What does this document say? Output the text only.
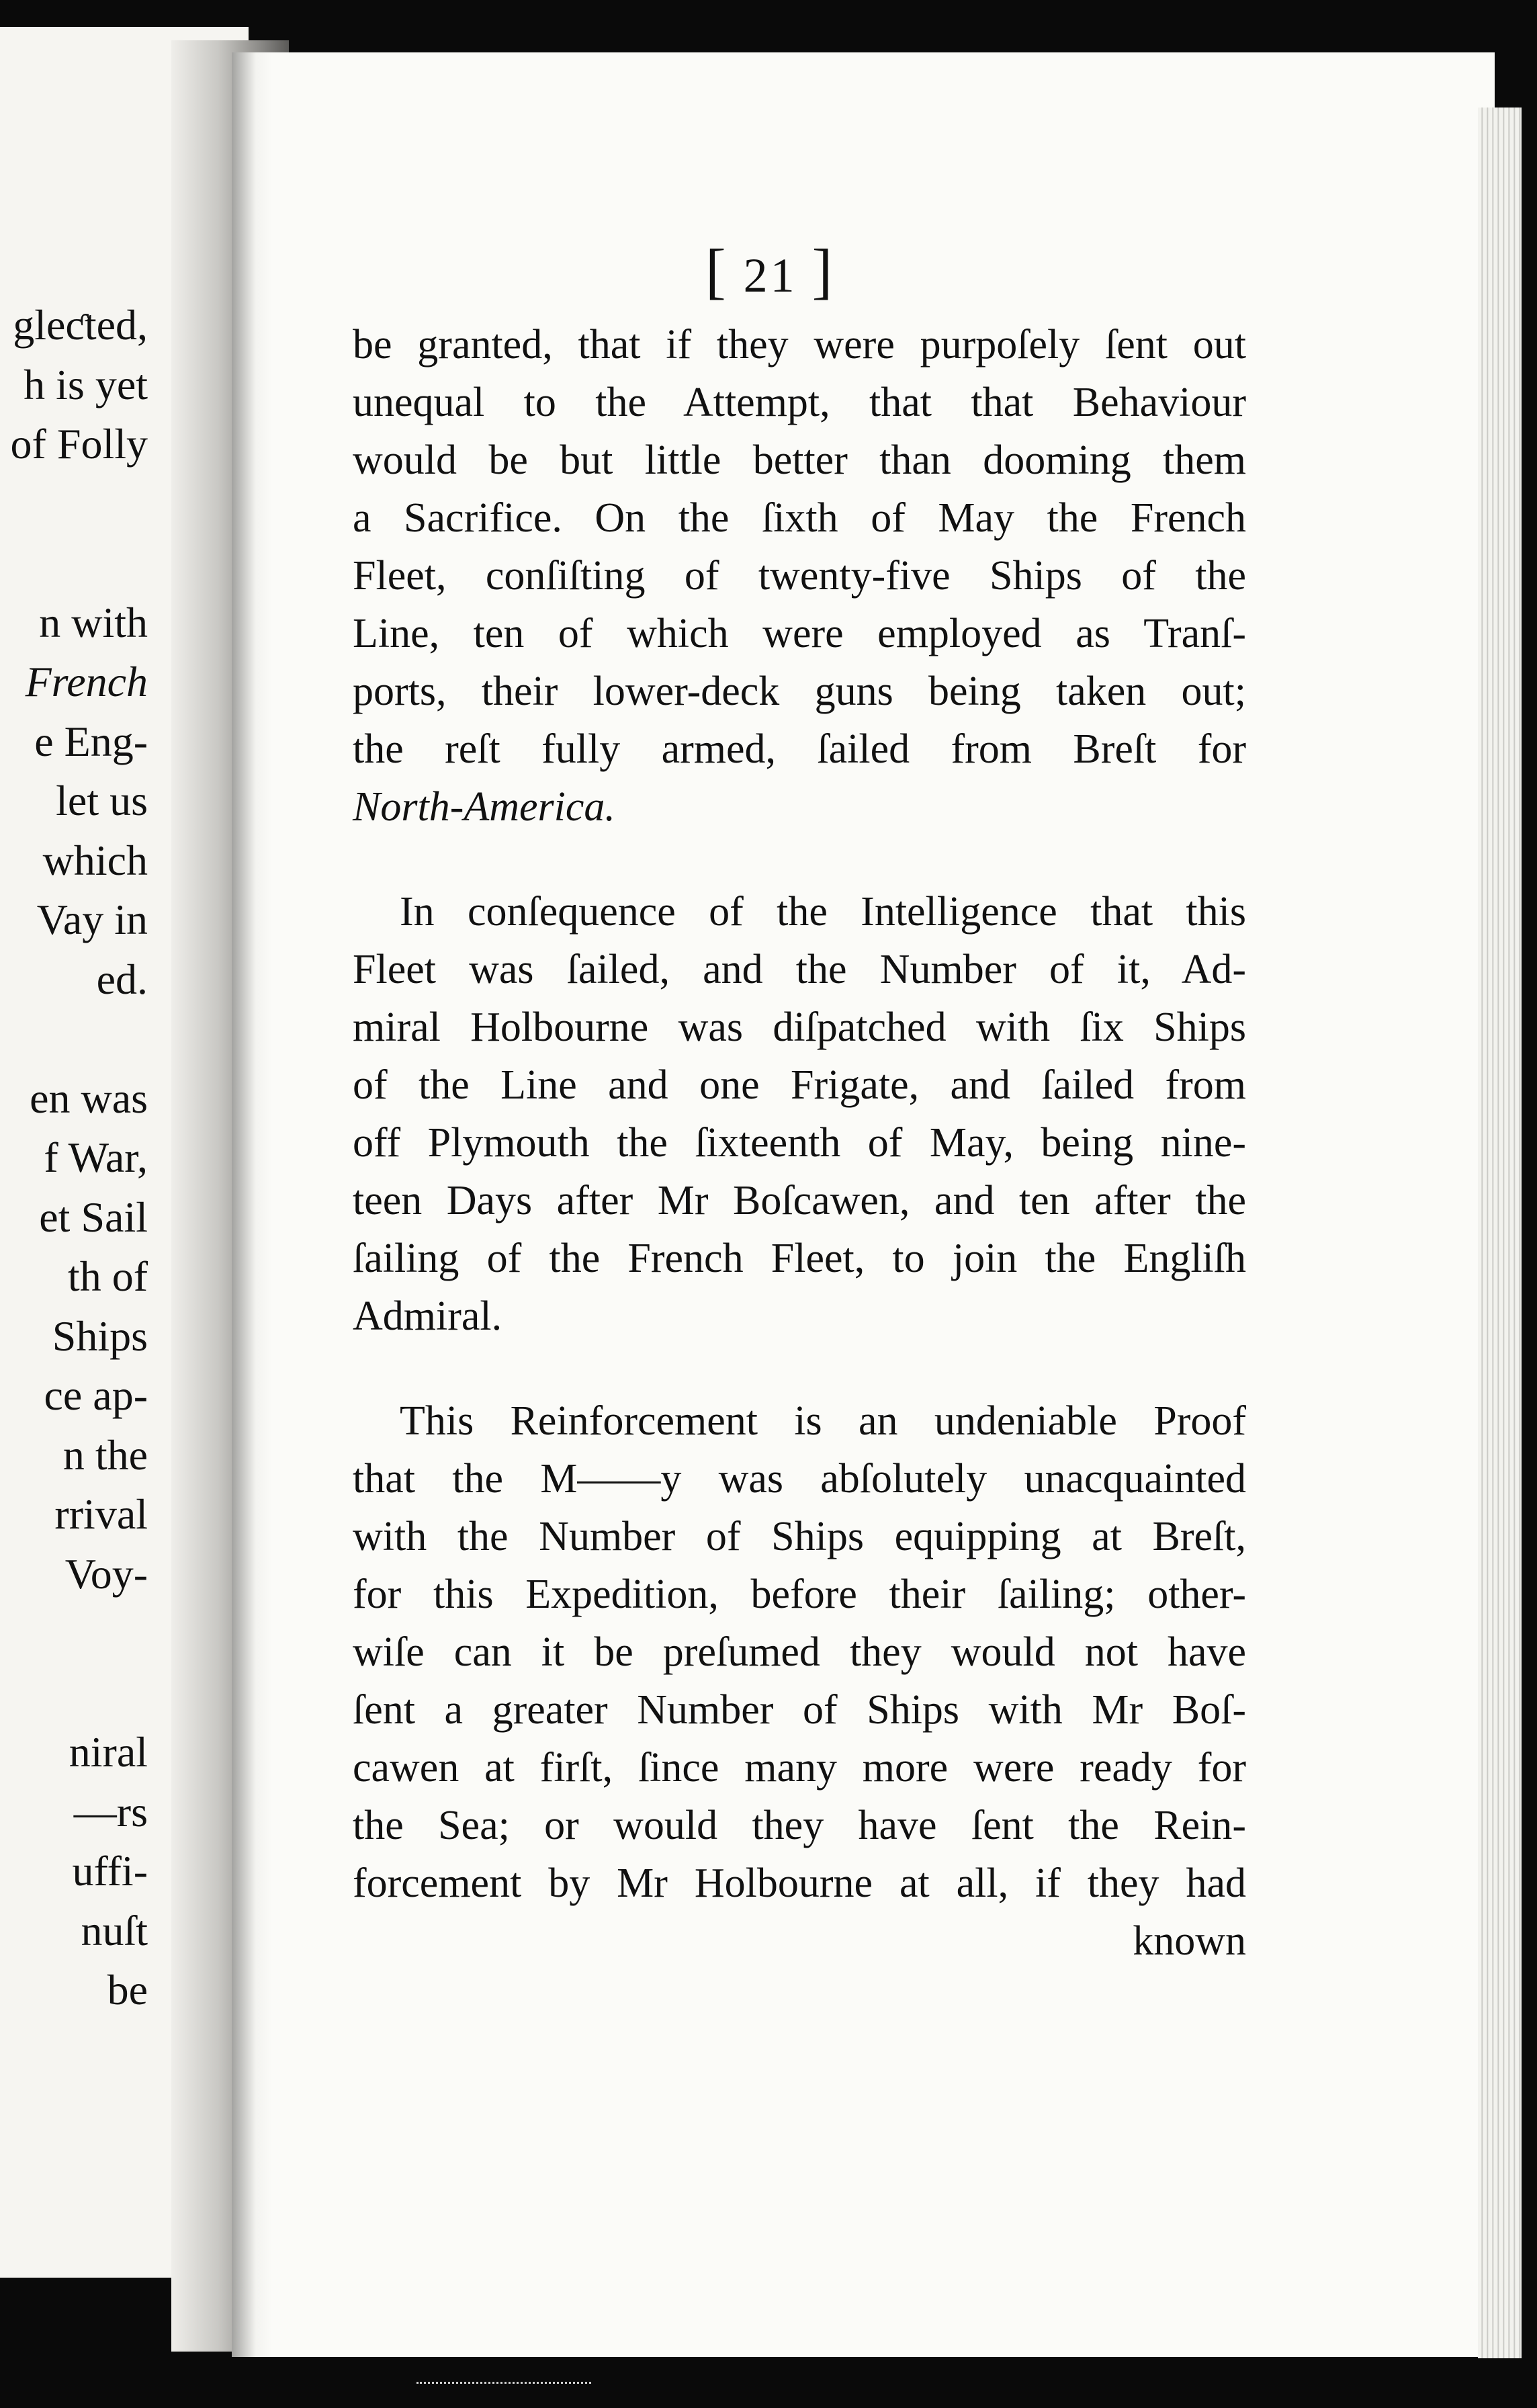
gleƈted,
h is yet
of Folly
n with
French
e Eng-
let us
which
Vay in
ed.
en was
f War,
et Sail
th of
Ships
ce ap-
n the
rrival
Voy-
niral
—rs
uffi-
nuſt
be
[ 21 ]
be granted, that if they were purpoſely ſent out
unequal to the Attempt, that that Behaviour
would be but little better than dooming them
a Sacrifice. On the ſixth of May the French
Fleet, conſiſting of twenty-five Ships of the
Line, ten of which were employed as Tranſ-
ports, their lower-deck guns being taken out;
the reſt fully armed, ſailed from Breſt for
North-America.
In conſequence of the Intelligence that this
Fleet was ſailed, and the Number of it, Ad-
miral Holbourne was diſpatched with ſix Ships
of the Line and one Frigate, and ſailed from
off Plymouth the ſixteenth of May, being nine-
teen Days after Mr Boſcawen, and ten after the
ſailing of the French Fleet, to join the Engliſh
Admiral.
This Reinforcement is an undeniable Proof
that the M——y was abſolutely unacquainted
with the Number of Ships equipping at Breſt,
for this Expedition, before their ſailing; other-
wiſe can it be preſumed they would not have
ſent a greater Number of Ships with Mr Boſ-
cawen at firſt, ſince many more were ready for
the Sea; or would they have ſent the Rein-
forcement by Mr Holbourne at all, if they had
known
